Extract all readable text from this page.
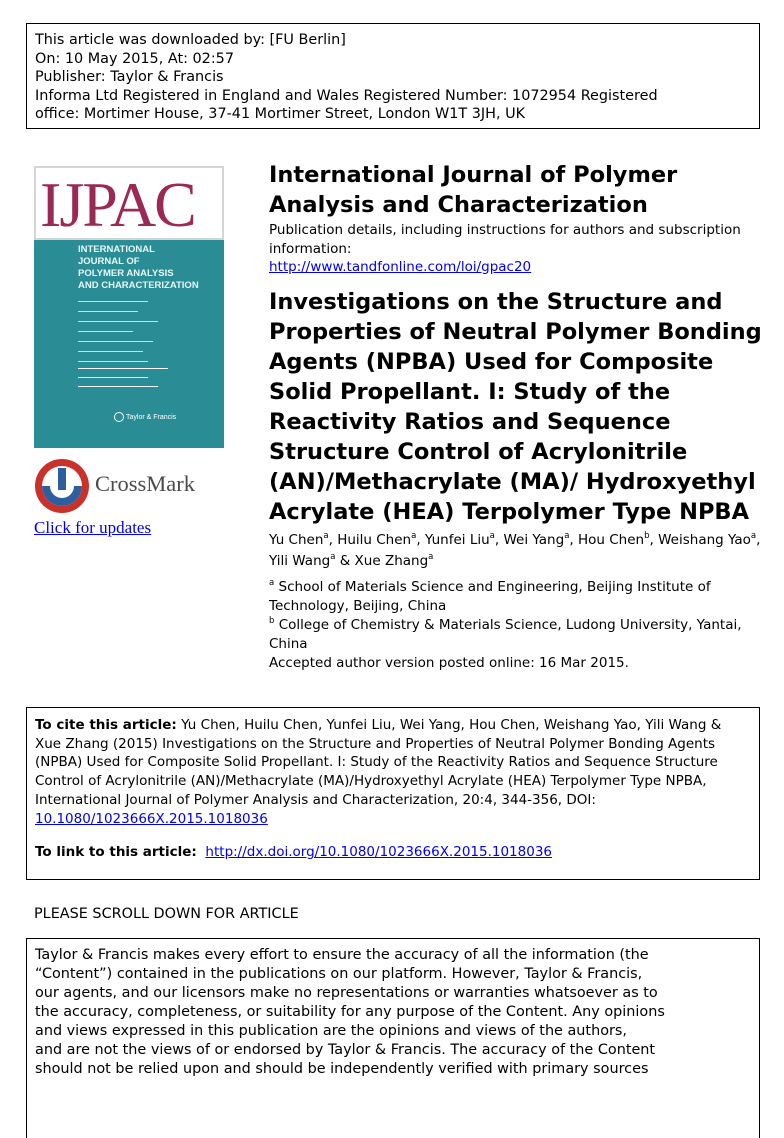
This article was downloaded by: [FU Berlin]
On: 10 May 2015, At: 02:57
Publisher: Taylor & Francis
Informa Ltd Registered in England and Wales Registered Number: 1072954 Registered
office: Mortimer House, 37-41 Mortimer Street, London W1T 3JH, UK
IJPAC
INTERNATIONAL
JOURNAL OF
POLYMER ANALYSIS
AND CHARACTERIZATION
Taylor & Francis
CrossMark
Click for updates
International Journal of Polymer Analysis and Characterization
Publication details, including instructions for authors and subscription information:
http://www.tandfonline.com/loi/gpac20
Investigations on the Structure and Properties of Neutral Polymer Bonding Agents (NPBA) Used for Composite Solid Propellant. I: Study of the Reactivity Ratios and Sequence Structure Control of Acrylonitrile (AN)/Methacrylate (MA)/ Hydroxyethyl Acrylate (HEA) Terpolymer Type NPBA
Yu Chen$^a$, Huilu Chen$^a$, Yunfei Liu$^a$, Wei Yang$^a$, Hou Chen$^b$, Weishang Yao$^a$, Yili Wang$^a$ & Xue Zhang$^a$
$^a$ School of Materials Science and Engineering, Beijing Institute of Technology, Beijing, China
$^b$ College of Chemistry & Materials Science, Ludong University, Yantai, China
Accepted author version posted online: 16 Mar 2015.
To cite this article: Yu Chen, Huilu Chen, Yunfei Liu, Wei Yang, Hou Chen, Weishang Yao, Yili Wang & Xue Zhang (2015) Investigations on the Structure and Properties of Neutral Polymer Bonding Agents (NPBA) Used for Composite Solid Propellant. I: Study of the Reactivity Ratios and Sequence Structure Control of Acrylonitrile (AN)/Methacrylate (MA)/Hydroxyethyl Acrylate (HEA) Terpolymer Type NPBA, International Journal of Polymer Analysis and Characterization, 20:4, 344-356, DOI: 10.1080/1023666X.2015.1018036
To link to this article: http://dx.doi.org/10.1080/1023666X.2015.1018036
PLEASE SCROLL DOWN FOR ARTICLE
Taylor & Francis makes every effort to ensure the accuracy of all the information (the
“Content”) contained in the publications on our platform. However, Taylor & Francis,
our agents, and our licensors make no representations or warranties whatsoever as to
the accuracy, completeness, or suitability for any purpose of the Content. Any opinions
and views expressed in this publication are the opinions and views of the authors,
and are not the views of or endorsed by Taylor & Francis. The accuracy of the Content
should not be relied upon and should be independently verified with primary sources
